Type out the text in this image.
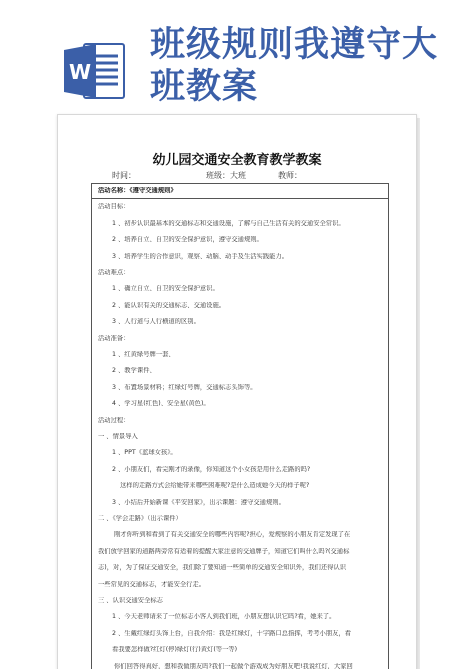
W
班级规则我遵守大
班教案
幼儿园交通安全教育教学教案
时间：	班级：大班	教师：
活动名称：《遵守交通规则》
活动目标：
1 、初步认识最基本的交通标志和交通设施，了解与自己生活有关的交通安全常识。
2 、培养自立、自卫的安全保护意识，遵守交通规则。
3 、培养学生的合作意识，观察、动脑、动手及生活实践能力。
活动难点：
1 、确立自立、自卫的安全保护意识。
2 、能认识有关的交通标志、交通设施。
3 、人行道与人行横道的区别。
活动准备：
1 、红黄绿号牌一套、
2 、教学课件、
3 、布置场景材料；红绿灯号牌，交通标志头饰等。
4 、学习星(红色)、安全星(黄色)。
活动过程：
一 、情景导入
1 、PPT《蓝球女孩》。
2 、小朋友们，看完刚才的录像，你知道这个小女孩是用什么走路的吗?
这样的走路方式会给她带来哪些困难呢?是什么造成她今天的样子呢?
3 、小结后开始新课《平安回家》，出示课题：遵守交通规则。
二 、《学会走路》（出示课件）
刚才你听到和看到了有关交通安全的哪些内容呢?担心，爱规察的小朋友肯定发现了在
我们放学回家的道路两旁常有适着的提醒大家注意的交通牌子，知道它们叫什么吗?(交通标
志)，对，为了保证交通安全，我们除了要知道一些简单的交通安全知识外，我们还得认识
一些常见的交通标志，才能安全行走。
三 、认识交通安全标志
1 、今天老师请来了一位标志小客人到我们班，小朋友想认识它吗?看，她来了。
2 、生戴红绿灯头饰上台，自我介绍：我是红绿灯，十字路口总指挥，考考小朋友，看
看我要怎样做?红灯(停)绿灯(行)黄灯(等一等)
你们回答得真好，想和我做朋友吗?我们一起做个游戏成为好朋友吧!我说红灯，大家回
